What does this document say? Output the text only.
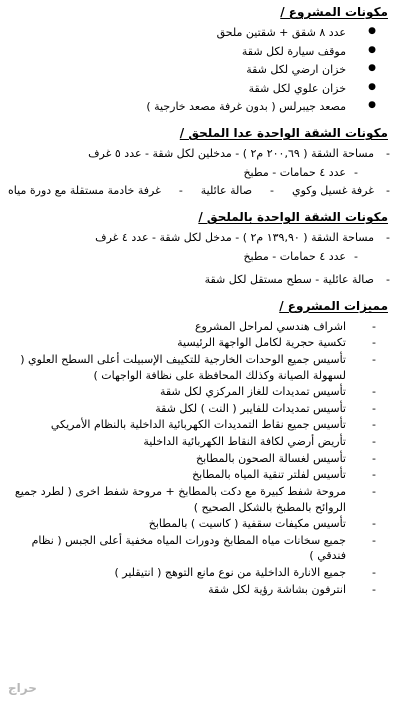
مكونات المشروع /
● عدد ٨ شقق + شقتين ملحق
● موقف سيارة لكل شقة
● خزان ارضي لكل شقة
● خزان علوي لكل شقة
● مصعد جيبرلس ( بدون غرفة مصعد خارجية )
مكونات الشقة الواحدة عدا الملحق /
-
مساحة الشقة ( ٢٠٠,٦٩ م٢ ) - مدخلين لكل شقة - عدد ٥ غرف
-
عدد ٤ حمامات - مطبخ
-
غرفة غسيل وكوي
-
صالة عائلية
-
غرفة خادمة مستقلة مع دورة مياه
مكونات الشقة الواحدة بالملحق /
-
مساحة الشقة ( ١٣٩,٩٠ م٢ ) - مدخل لكل شقة - عدد ٤ غرف
-
عدد ٤ حمامات - مطبخ
-
صالة عائلية - سطح مستقل لكل شقة
مميزات المشروع /
- اشراف هندسي لمراحل المشروع
- تكسية حجرية لكامل الواجهة الرئيسية
- تأسيس جميع الوحدات الخارجية للتكييف الإسبيلت أعلى السطح العلوي ( لسهولة الصيانة وكذلك المحافظة على نظافة الواجهات )
- تأسيس تمديدات للغاز المركزي لكل شقة
- تأسيس تمديدات للفايبر ( النت ) لكل شقة
- تأسيس جميع نقاط التمديدات الكهربائية الداخلية بالنظام الأمريكي
- تأريض أرضي لكافة النقاط الكهربائية الداخلية
- تأسيس لغسالة الصحون بالمطابخ
- تأسيس لفلتر تنقية المياه بالمطابخ
- مروحة شفط كبيرة مع دكت بالمطابخ + مروحة شفط اخرى ( لطرد جميع الروائح بالمطبخ بالشكل الصحيح )
- تأسيس مكيفات سقفية ( كاسيت ) بالمطابخ
- جميع سخانات مياه المطابخ ودورات المياه مخفية أعلى الجبس ( نظام فندقي )
- جميع الانارة الداخلية من نوع مانع التوهج ( انتيقلير )
- انترفون بشاشة رؤية لكل شقة
حراج
